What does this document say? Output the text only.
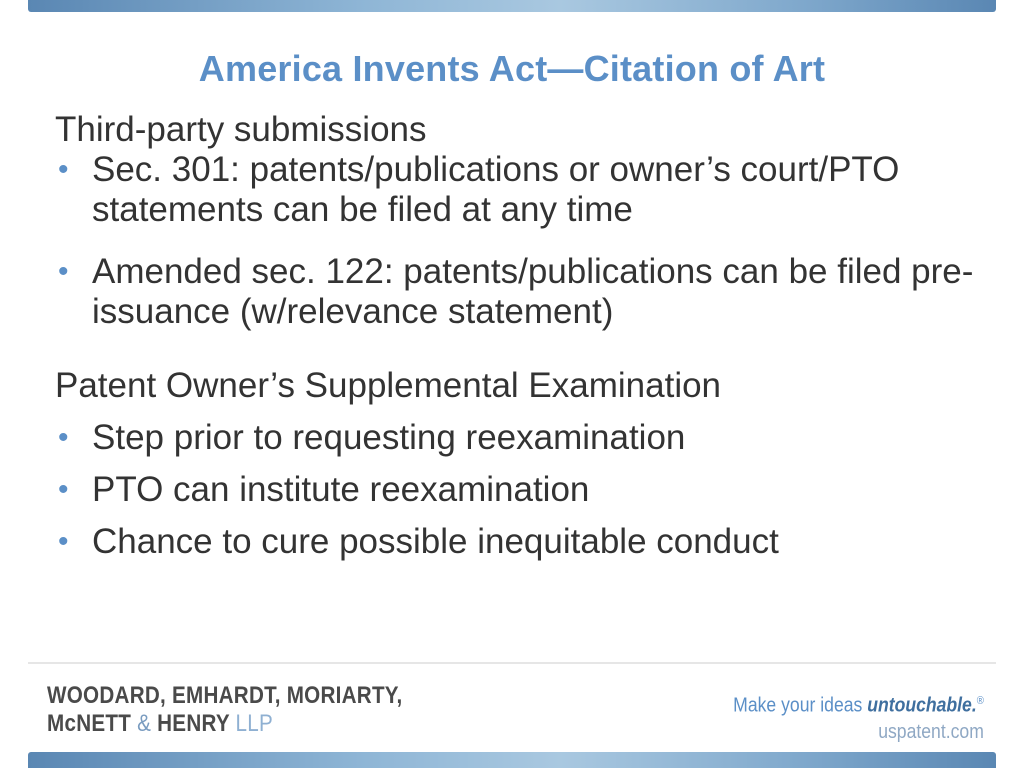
America Invents Act—Citation of Art

Third-party submissions

• Sec. 301: patents/publications or owner’s court/PTO statements can be filed at any time
• Amended sec. 122: patents/publications can be filed pre-issuance (w/relevance statement)

Patent Owner’s Supplemental Examination

• Step prior to requesting reexamination
• PTO can institute reexamination
• Chance to cure possible inequitable conduct
WOODARD, EMHARDT, MORIARTY,
McNETT & HENRY LLP
Make your ideas untouchable.®
uspatent.com
